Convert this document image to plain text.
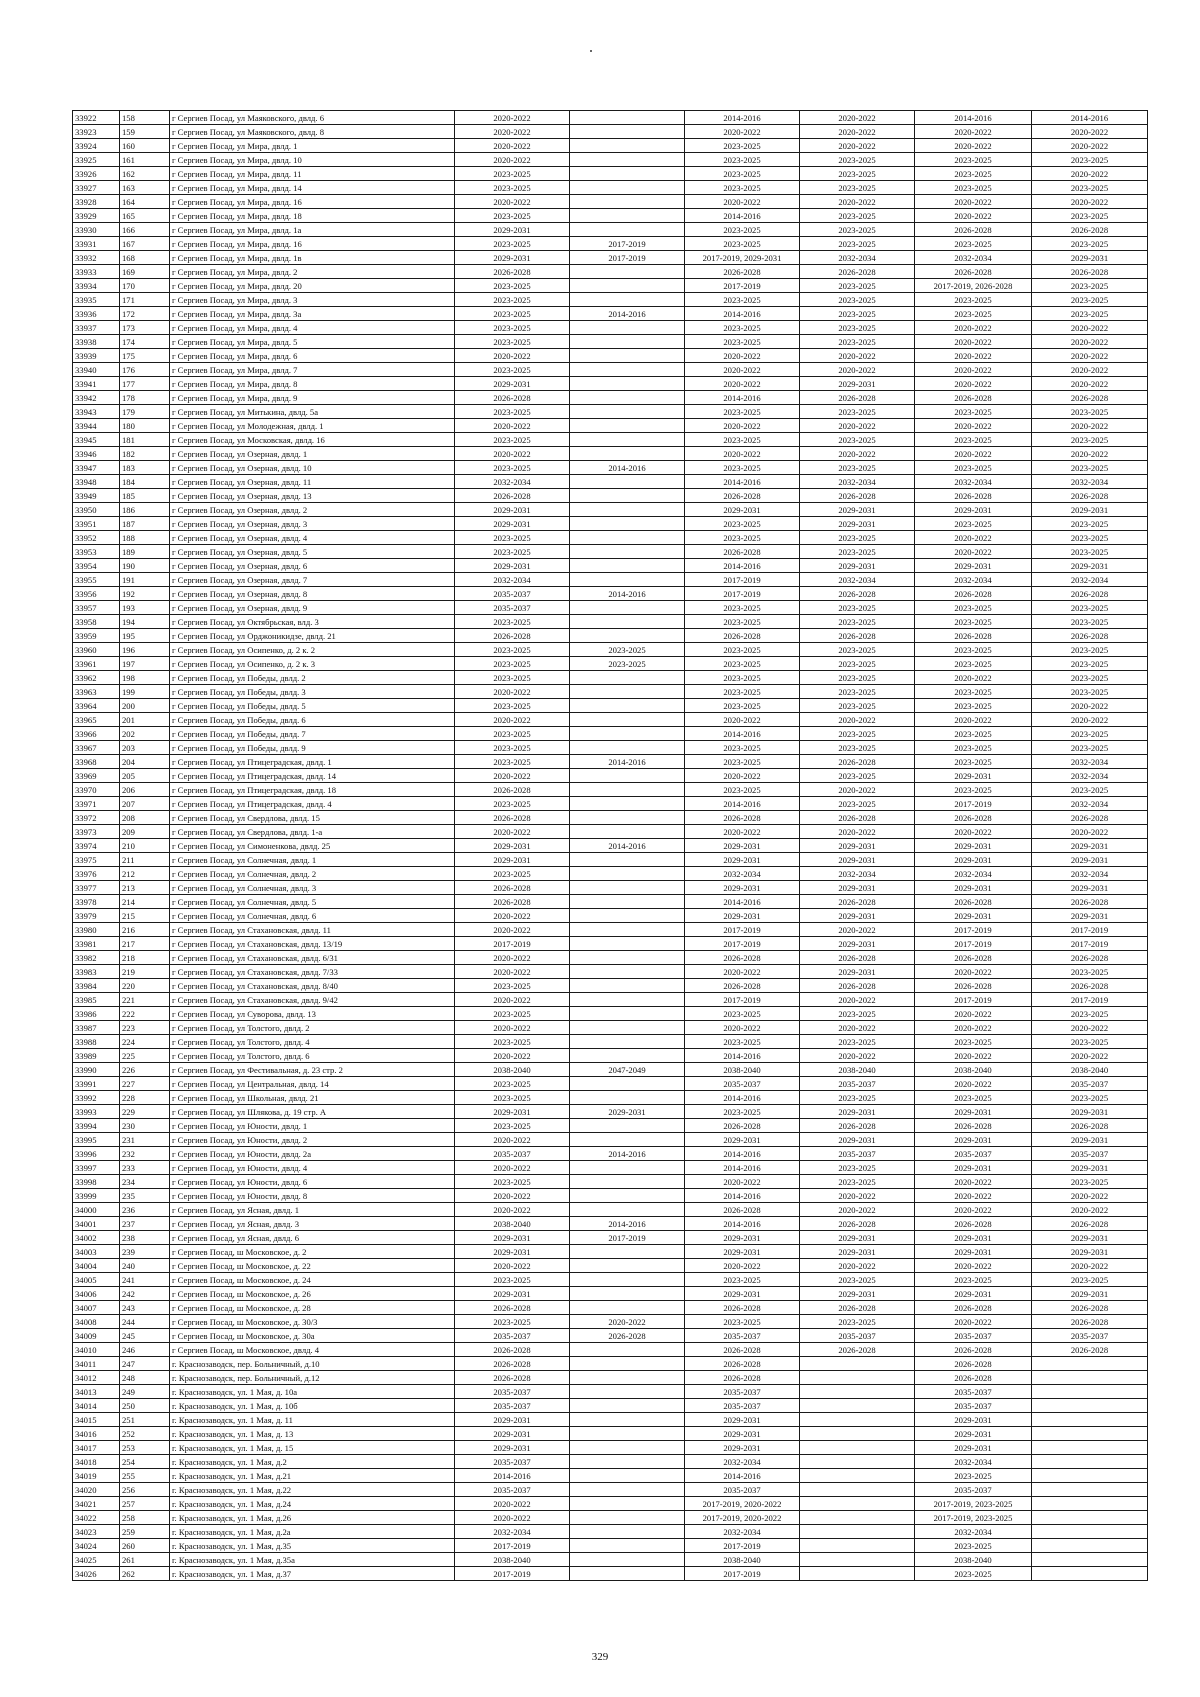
33922	158	г Сергиев Посад, ул Маяковского, двлд. 6	2020-2022		2014-2016	2020-2022	2014-2016	2014-2016
33923	159	г Сергиев Посад, ул Маяковского, двлд. 8	2020-2022		2020-2022	2020-2022	2020-2022	2020-2022
33924	160	г Сергиев Посад, ул Мира, двлд. 1	2020-2022		2023-2025	2020-2022	2020-2022	2020-2022
33925	161	г Сергиев Посад, ул Мира, двлд. 10	2020-2022		2023-2025	2023-2025	2023-2025	2023-2025
33926	162	г Сергиев Посад, ул Мира, двлд. 11	2023-2025		2023-2025	2023-2025	2023-2025	2020-2022
33927	163	г Сергиев Посад, ул Мира, двлд. 14	2023-2025		2023-2025	2023-2025	2023-2025	2023-2025
33928	164	г Сергиев Посад, ул Мира, двлд. 16	2020-2022		2020-2022	2020-2022	2020-2022	2020-2022
33929	165	г Сергиев Посад, ул Мира, двлд. 18	2023-2025		2014-2016	2023-2025	2020-2022	2023-2025
33930	166	г Сергиев Посад, ул Мира, двлд. 1а	2029-2031		2023-2025	2023-2025	2026-2028	2026-2028
33931	167	г Сергиев Посад, ул Мира, двлд. 16	2023-2025	2017-2019	2023-2025	2023-2025	2023-2025	2023-2025
33932	168	г Сергиев Посад, ул Мира, двлд. 1в	2029-2031	2017-2019	2017-2019, 2029-2031	2032-2034	2032-2034	2029-2031
33933	169	г Сергиев Посад, ул Мира, двлд. 2	2026-2028		2026-2028	2026-2028	2026-2028	2026-2028
33934	170	г Сергиев Посад, ул Мира, двлд. 20	2023-2025		2017-2019	2023-2025	2017-2019, 2026-2028	2023-2025
33935	171	г Сергиев Посад, ул Мира, двлд. 3	2023-2025		2023-2025	2023-2025	2023-2025	2023-2025
33936	172	г Сергиев Посад, ул Мира, двлд. 3а	2023-2025	2014-2016	2014-2016	2023-2025	2023-2025	2023-2025
33937	173	г Сергиев Посад, ул Мира, двлд. 4	2023-2025		2023-2025	2023-2025	2020-2022	2020-2022
33938	174	г Сергиев Посад, ул Мира, двлд. 5	2023-2025		2023-2025	2023-2025	2020-2022	2020-2022
33939	175	г Сергиев Посад, ул Мира, двлд. 6	2020-2022		2020-2022	2020-2022	2020-2022	2020-2022
33940	176	г Сергиев Посад, ул Мира, двлд. 7	2023-2025		2020-2022	2020-2022	2020-2022	2020-2022
33941	177	г Сергиев Посад, ул Мира, двлд. 8	2029-2031		2020-2022	2029-2031	2020-2022	2020-2022
33942	178	г Сергиев Посад, ул Мира, двлд. 9	2026-2028		2014-2016	2026-2028	2026-2028	2026-2028
33943	179	г Сергиев Посад, ул Митькина, двлд. 5а	2023-2025		2023-2025	2023-2025	2023-2025	2023-2025
33944	180	г Сергиев Посад, ул Молодежная, двлд. 1	2020-2022		2020-2022	2020-2022	2020-2022	2020-2022
33945	181	г Сергиев Посад, ул Московская, двлд. 16	2023-2025		2023-2025	2023-2025	2023-2025	2023-2025
33946	182	г Сергиев Посад, ул Озерная, двлд. 1	2020-2022		2020-2022	2020-2022	2020-2022	2020-2022
33947	183	г Сергиев Посад, ул Озерная, двлд. 10	2023-2025	2014-2016	2023-2025	2023-2025	2023-2025	2023-2025
33948	184	г Сергиев Посад, ул Озерная, двлд. 11	2032-2034		2014-2016	2032-2034	2032-2034	2032-2034
33949	185	г Сергиев Посад, ул Озерная, двлд. 13	2026-2028		2026-2028	2026-2028	2026-2028	2026-2028
33950	186	г Сергиев Посад, ул Озерная, двлд. 2	2029-2031		2029-2031	2029-2031	2029-2031	2029-2031
33951	187	г Сергиев Посад, ул Озерная, двлд. 3	2029-2031		2023-2025	2029-2031	2023-2025	2023-2025
33952	188	г Сергиев Посад, ул Озерная, двлд. 4	2023-2025		2023-2025	2023-2025	2020-2022	2023-2025
33953	189	г Сергиев Посад, ул Озерная, двлд. 5	2023-2025		2026-2028	2023-2025	2020-2022	2023-2025
33954	190	г Сергиев Посад, ул Озерная, двлд. 6	2029-2031		2014-2016	2029-2031	2029-2031	2029-2031
33955	191	г Сергиев Посад, ул Озерная, двлд. 7	2032-2034		2017-2019	2032-2034	2032-2034	2032-2034
33956	192	г Сергиев Посад, ул Озерная, двлд. 8	2035-2037	2014-2016	2017-2019	2026-2028	2026-2028	2026-2028
33957	193	г Сергиев Посад, ул Озерная, двлд. 9	2035-2037		2023-2025	2023-2025	2023-2025	2023-2025
33958	194	г Сергиев Посад, ул Октябрьская, влд. 3	2023-2025		2023-2025	2023-2025	2023-2025	2023-2025
33959	195	г Сергиев Посад, ул Орджоникидзе, двлд. 21	2026-2028		2026-2028	2026-2028	2026-2028	2026-2028
33960	196	г Сергиев Посад, ул Осипенко, д. 2 к. 2	2023-2025	2023-2025	2023-2025	2023-2025	2023-2025	2023-2025
33961	197	г Сергиев Посад, ул Осипенко, д. 2 к. 3	2023-2025	2023-2025	2023-2025	2023-2025	2023-2025	2023-2025
33962	198	г Сергиев Посад, ул Победы, двлд. 2	2023-2025		2023-2025	2023-2025	2020-2022	2023-2025
33963	199	г Сергиев Посад, ул Победы, двлд. 3	2020-2022		2023-2025	2023-2025	2023-2025	2023-2025
33964	200	г Сергиев Посад, ул Победы, двлд. 5	2023-2025		2023-2025	2023-2025	2023-2025	2020-2022
33965	201	г Сергиев Посад, ул Победы, двлд. 6	2020-2022		2020-2022	2020-2022	2020-2022	2020-2022
33966	202	г Сергиев Посад, ул Победы, двлд. 7	2023-2025		2014-2016	2023-2025	2023-2025	2023-2025
33967	203	г Сергиев Посад, ул Победы, двлд. 9	2023-2025		2023-2025	2023-2025	2023-2025	2023-2025
33968	204	г Сергиев Посад, ул Птицеградская, двлд. 1	2023-2025	2014-2016	2023-2025	2026-2028	2023-2025	2032-2034
33969	205	г Сергиев Посад, ул Птицеградская, двлд. 14	2020-2022		2020-2022	2023-2025	2029-2031	2032-2034
33970	206	г Сергиев Посад, ул Птицеградская, двлд. 18	2026-2028		2023-2025	2020-2022	2023-2025	2023-2025
33971	207	г Сергиев Посад, ул Птицеградская, двлд. 4	2023-2025		2014-2016	2023-2025	2017-2019	2032-2034
33972	208	г Сергиев Посад, ул Свердлова, двлд. 15	2026-2028		2026-2028	2026-2028	2026-2028	2026-2028
33973	209	г Сергиев Посад, ул Свердлова, двлд. 1-а	2020-2022		2020-2022	2020-2022	2020-2022	2020-2022
33974	210	г Сергиев Посад, ул Симоненкова, двлд. 25	2029-2031	2014-2016	2029-2031	2029-2031	2029-2031	2029-2031
33975	211	г Сергиев Посад, ул Солнечная, двлд. 1	2029-2031		2029-2031	2029-2031	2029-2031	2029-2031
33976	212	г Сергиев Посад, ул Солнечная, двлд. 2	2023-2025		2032-2034	2032-2034	2032-2034	2032-2034
33977	213	г Сергиев Посад, ул Солнечная, двлд. 3	2026-2028		2029-2031	2029-2031	2029-2031	2029-2031
33978	214	г Сергиев Посад, ул Солнечная, двлд. 5	2026-2028		2014-2016	2026-2028	2026-2028	2026-2028
33979	215	г Сергиев Посад, ул Солнечная, двлд. 6	2020-2022		2029-2031	2029-2031	2029-2031	2029-2031
33980	216	г Сергиев Посад, ул Стахановская, двлд. 11	2020-2022		2017-2019	2020-2022	2017-2019	2017-2019
33981	217	г Сергиев Посад, ул Стахановская, двлд. 13/19	2017-2019		2017-2019	2029-2031	2017-2019	2017-2019
33982	218	г Сергиев Посад, ул Стахановская, двлд. 6/31	2020-2022		2026-2028	2026-2028	2026-2028	2026-2028
33983	219	г Сергиев Посад, ул Стахановская, двлд. 7/33	2020-2022		2020-2022	2029-2031	2020-2022	2023-2025
33984	220	г Сергиев Посад, ул Стахановская, двлд. 8/40	2023-2025		2026-2028	2026-2028	2026-2028	2026-2028
33985	221	г Сергиев Посад, ул Стахановская, двлд. 9/42	2020-2022		2017-2019	2020-2022	2017-2019	2017-2019
33986	222	г Сергиев Посад, ул Суворова, двлд. 13	2023-2025		2023-2025	2023-2025	2020-2022	2023-2025
33987	223	г Сергиев Посад, ул Толстого, двлд. 2	2020-2022		2020-2022	2020-2022	2020-2022	2020-2022
33988	224	г Сергиев Посад, ул Толстого, двлд. 4	2023-2025		2023-2025	2023-2025	2023-2025	2023-2025
33989	225	г Сергиев Посад, ул Толстого, двлд. 6	2020-2022		2014-2016	2020-2022	2020-2022	2020-2022
33990	226	г Сергиев Посад, ул Фестивальная, д. 23 стр. 2	2038-2040	2047-2049	2038-2040	2038-2040	2038-2040	2038-2040
33991	227	г Сергиев Посад, ул Центральная, двлд. 14	2023-2025		2035-2037	2035-2037	2020-2022	2035-2037
33992	228	г Сергиев Посад, ул Школьная, двлд. 21	2023-2025		2014-2016	2023-2025	2023-2025	2023-2025
33993	229	г Сергиев Посад, ул Шлякова, д. 19 стр. А	2029-2031	2029-2031	2023-2025	2029-2031	2029-2031	2029-2031
33994	230	г Сергиев Посад, ул Юности, двлд. 1	2023-2025		2026-2028	2026-2028	2026-2028	2026-2028
33995	231	г Сергиев Посад, ул Юности, двлд. 2	2020-2022		2029-2031	2029-2031	2029-2031	2029-2031
33996	232	г Сергиев Посад, ул Юности, двлд. 2а	2035-2037	2014-2016	2014-2016	2035-2037	2035-2037	2035-2037
33997	233	г Сергиев Посад, ул Юности, двлд. 4	2020-2022		2014-2016	2023-2025	2029-2031	2029-2031
33998	234	г Сергиев Посад, ул Юности, двлд. 6	2023-2025		2020-2022	2023-2025	2020-2022	2023-2025
33999	235	г Сергиев Посад, ул Юности, двлд. 8	2020-2022		2014-2016	2020-2022	2020-2022	2020-2022
34000	236	г Сергиев Посад, ул Ясная, двлд. 1	2020-2022		2026-2028	2020-2022	2020-2022	2020-2022
34001	237	г Сергиев Посад, ул Ясная, двлд. 3	2038-2040	2014-2016	2014-2016	2026-2028	2026-2028	2026-2028
34002	238	г Сергиев Посад, ул Ясная, двлд. 6	2029-2031	2017-2019	2029-2031	2029-2031	2029-2031	2029-2031
34003	239	г Сергиев Посад, ш Московское, д. 2	2029-2031		2029-2031	2029-2031	2029-2031	2029-2031
34004	240	г Сергиев Посад, ш Московское, д. 22	2020-2022		2020-2022	2020-2022	2020-2022	2020-2022
34005	241	г Сергиев Посад, ш Московское, д. 24	2023-2025		2023-2025	2023-2025	2023-2025	2023-2025
34006	242	г Сергиев Посад, ш Московское, д. 26	2029-2031		2029-2031	2029-2031	2029-2031	2029-2031
34007	243	г Сергиев Посад, ш Московское, д. 28	2026-2028		2026-2028	2026-2028	2026-2028	2026-2028
34008	244	г Сергиев Посад, ш Московское, д. 30/3	2023-2025	2020-2022	2023-2025	2023-2025	2020-2022	2026-2028
34009	245	г Сергиев Посад, ш Московское, д. 30а	2035-2037	2026-2028	2035-2037	2035-2037	2035-2037	2035-2037
34010	246	г Сергиев Посад, ш Московское, двлд. 4	2026-2028		2026-2028	2026-2028	2026-2028	2026-2028
34011	247	г. Краснозаводск, пер. Больничный, д.10	2026-2028		2026-2028		2026-2028	
34012	248	г. Краснозаводск, пер. Больничный, д.12	2026-2028		2026-2028		2026-2028	
34013	249	г. Краснозаводск, ул. 1 Мая, д. 10а	2035-2037		2035-2037		2035-2037	
34014	250	г. Краснозаводск, ул. 1 Мая, д. 10б	2035-2037		2035-2037		2035-2037	
34015	251	г. Краснозаводск, ул. 1 Мая, д. 11	2029-2031		2029-2031		2029-2031	
34016	252	г. Краснозаводск, ул. 1 Мая, д. 13	2029-2031		2029-2031		2029-2031	
34017	253	г. Краснозаводск, ул. 1 Мая, д. 15	2029-2031		2029-2031		2029-2031	
34018	254	г. Краснозаводск, ул. 1 Мая, д.2	2035-2037		2032-2034		2032-2034	
34019	255	г. Краснозаводск, ул. 1 Мая, д.21	2014-2016		2014-2016		2023-2025	
34020	256	г. Краснозаводск, ул. 1 Мая, д.22	2035-2037		2035-2037		2035-2037	
34021	257	г. Краснозаводск, ул. 1 Мая, д.24	2020-2022		2017-2019, 2020-2022		2017-2019, 2023-2025	
34022	258	г. Краснозаводск, ул. 1 Мая, д.26	2020-2022		2017-2019, 2020-2022		2017-2019, 2023-2025	
34023	259	г. Краснозаводск, ул. 1 Мая, д.2а	2032-2034		2032-2034		2032-2034	
34024	260	г. Краснозаводск, ул. 1 Мая, д.35	2017-2019		2017-2019		2023-2025	
34025	261	г. Краснозаводск, ул. 1 Мая, д.35а	2038-2040		2038-2040		2038-2040	
34026	262	г. Краснозаводск, ул. 1 Мая, д.37	2017-2019		2017-2019		2023-2025	
329
